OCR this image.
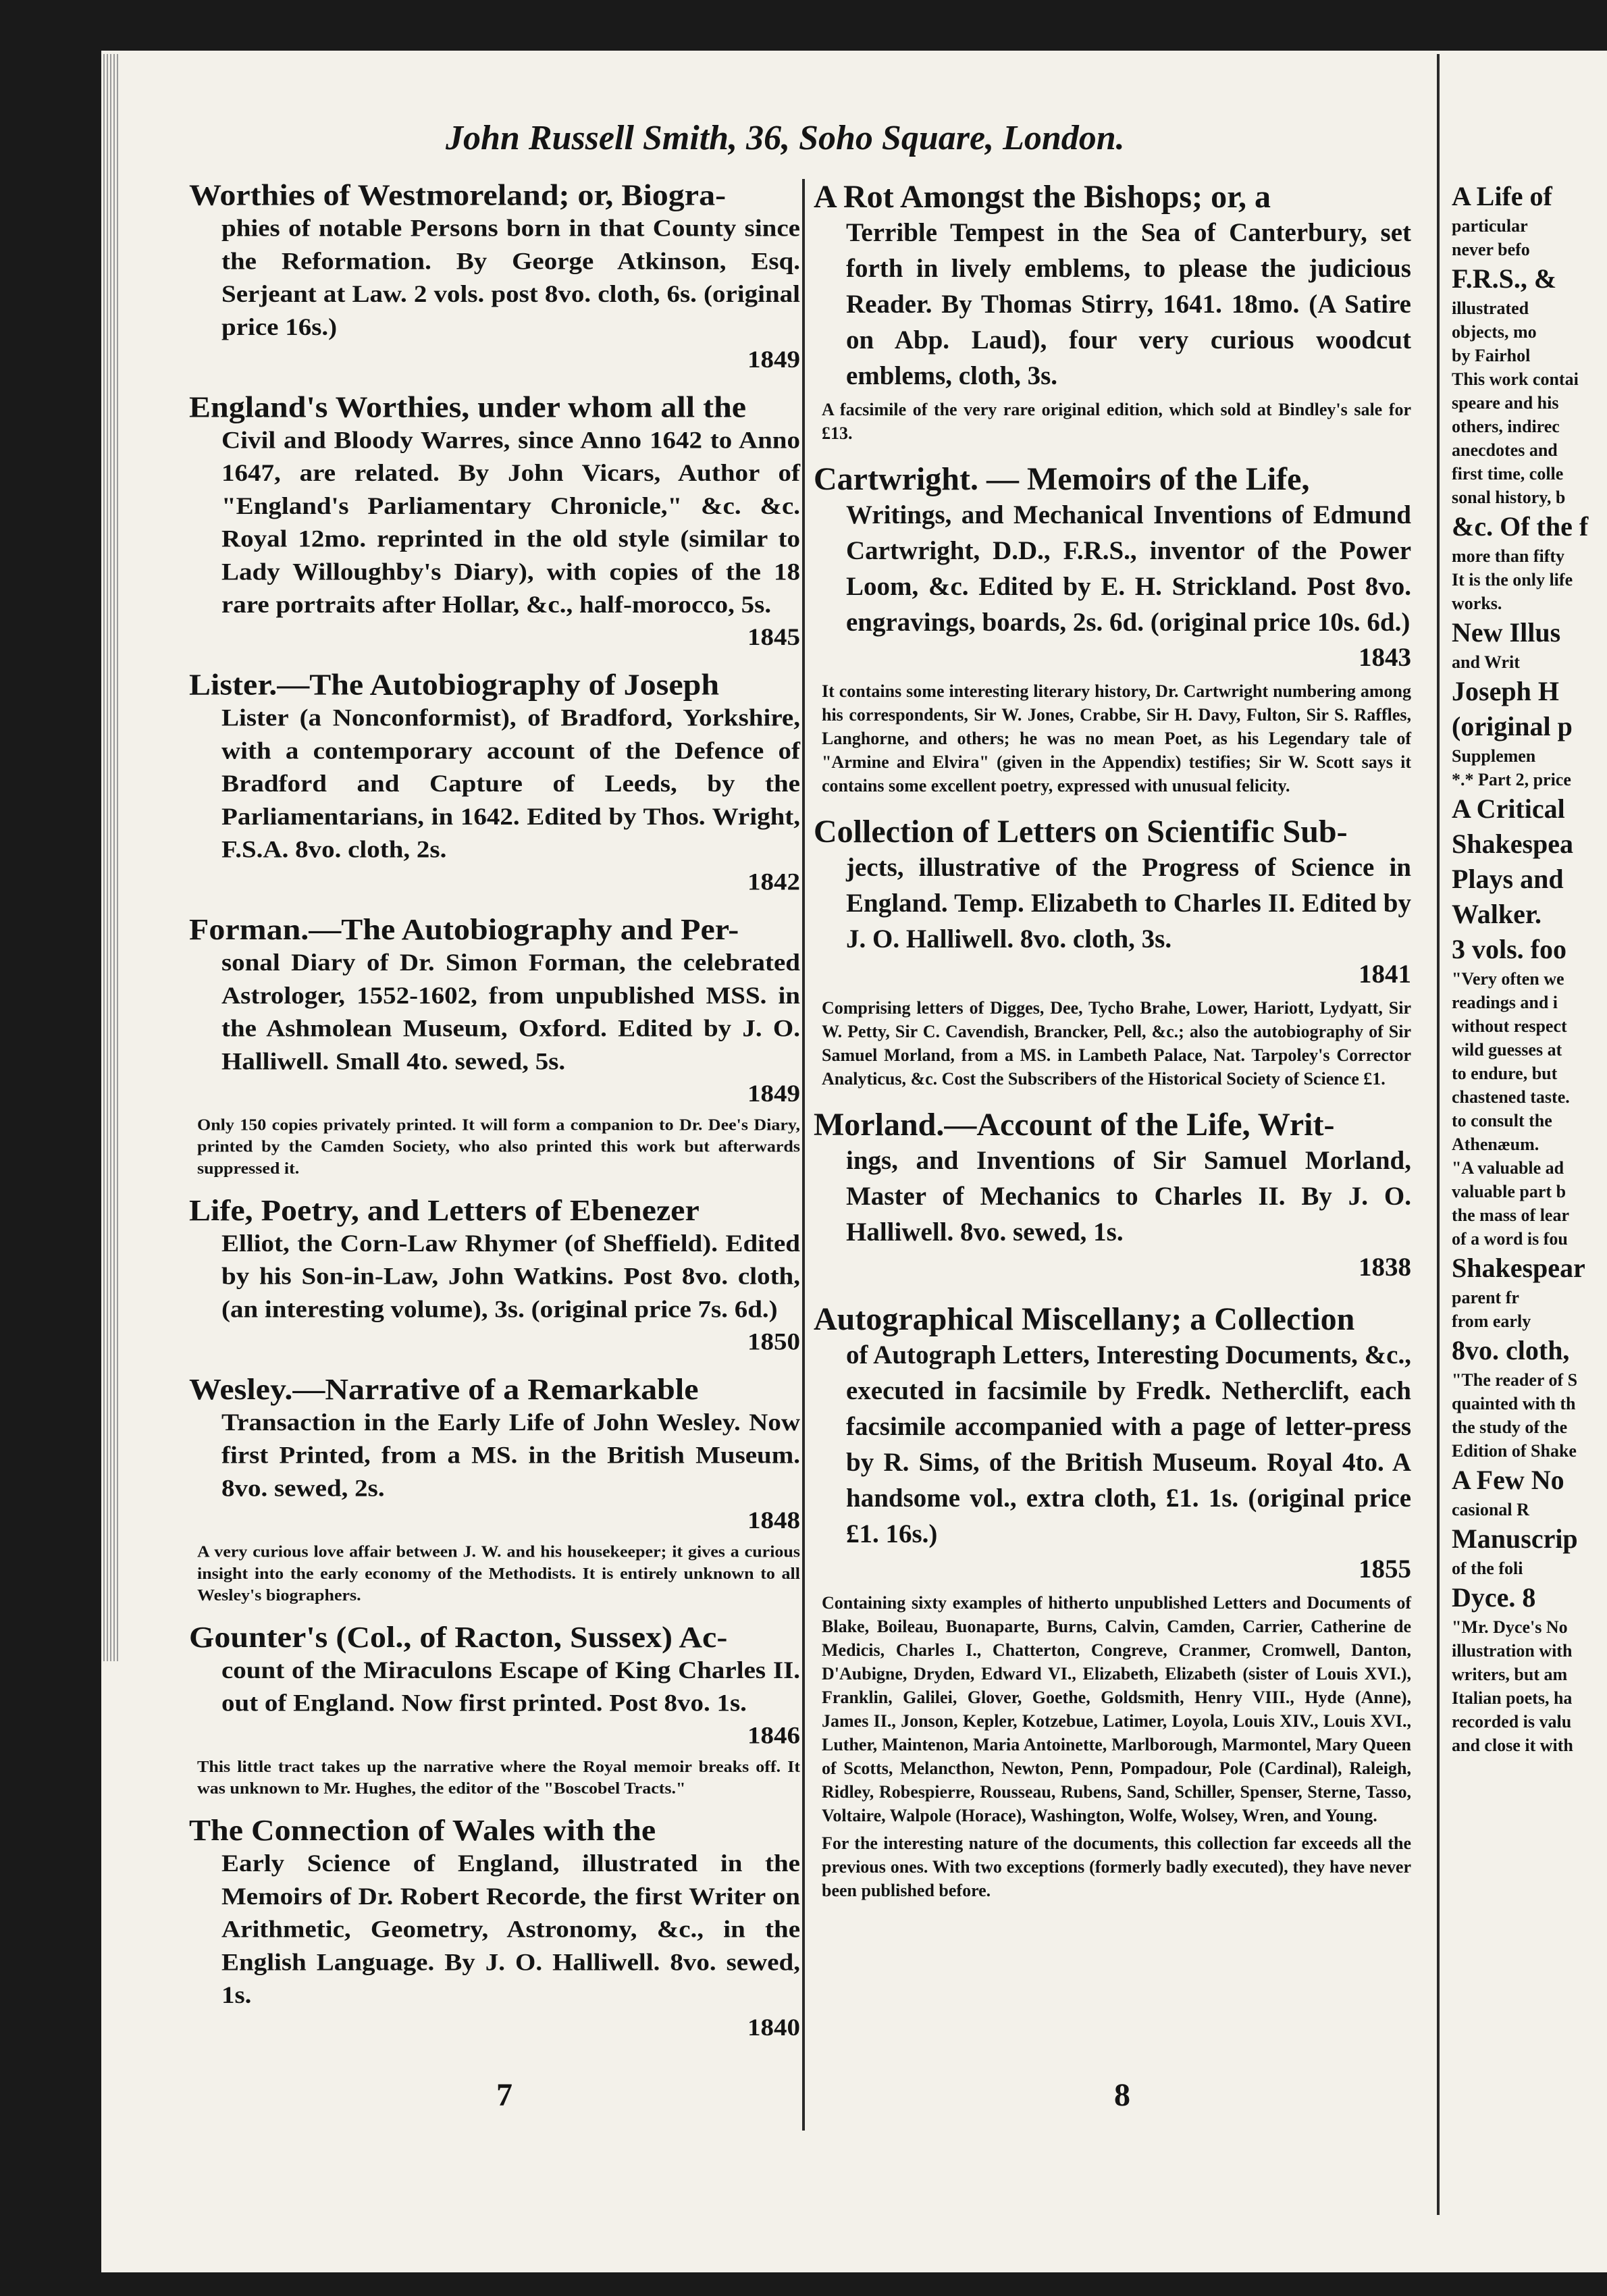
John Russell Smith, 36, Soho Square, London.
Worthies of Westmoreland; or, Biogra-
phies of notable Persons born in that County since the Reformation. By George Atkinson, Esq. Serjeant at Law. 2 vols. post 8vo. cloth, 6s. (original price 16s.)
1849
England's Worthies, under whom all the
Civil and Bloody Warres, since Anno 1642 to Anno 1647, are related. By John Vicars, Author of "England's Parliamentary Chronicle," &c. &c. Royal 12mo. reprinted in the old style (similar to Lady Willoughby's Diary), with copies of the 18 rare portraits after Hollar, &c., half-morocco, 5s.
1845
Lister.—The Autobiography of Joseph
Lister (a Nonconformist), of Bradford, Yorkshire, with a contemporary account of the Defence of Bradford and Capture of Leeds, by the Parliamentarians, in 1642. Edited by Thos. Wright, F.S.A. 8vo. cloth, 2s.
1842
Forman.—The Autobiography and Per-
sonal Diary of Dr. Simon Forman, the celebrated Astrologer, 1552-1602, from unpublished MSS. in the Ashmolean Museum, Oxford. Edited by J. O. Halliwell. Small 4to. sewed, 5s.
1849
Only 150 copies privately printed. It will form a companion to Dr. Dee's Diary, printed by the Camden Society, who also printed this work but afterwards suppressed it.
Life, Poetry, and Letters of Ebenezer
Elliot, the Corn-Law Rhymer (of Sheffield). Edited by his Son-in-Law, John Watkins. Post 8vo. cloth, (an interesting volume), 3s. (original price 7s. 6d.)
1850
Wesley.—Narrative of a Remarkable
Transaction in the Early Life of John Wesley. Now first Printed, from a MS. in the British Museum. 8vo. sewed, 2s.
1848
A very curious love affair between J. W. and his housekeeper; it gives a curious insight into the early economy of the Methodists. It is entirely unknown to all Wesley's biographers.
Gounter's (Col., of Racton, Sussex) Ac-
count of the Miraculons Escape of King Charles II. out of England. Now first printed. Post 8vo. 1s.
1846
This little tract takes up the narrative where the Royal memoir breaks off. It was unknown to Mr. Hughes, the editor of the "Boscobel Tracts."
The Connection of Wales with the
Early Science of England, illustrated in the Memoirs of Dr. Robert Recorde, the first Writer on Arithmetic, Geometry, Astronomy, &c., in the English Language. By J. O. Halliwell. 8vo. sewed, 1s.
1840
A Rot Amongst the Bishops; or, a
Terrible Tempest in the Sea of Canterbury, set forth in lively emblems, to please the judicious Reader. By Thomas Stirry, 1641. 18mo. (A Satire on Abp. Laud), four very curious woodcut emblems, cloth, 3s.
A facsimile of the very rare original edition, which sold at Bindley's sale for £13.
Cartwright. — Memoirs of the Life,
Writings, and Mechanical Inventions of Edmund Cartwright, D.D., F.R.S., inventor of the Power Loom, &c. Edited by E. H. Strickland. Post 8vo. engravings, boards, 2s. 6d. (original price 10s. 6d.)
1843
It contains some interesting literary history, Dr. Cartwright numbering among his correspondents, Sir W. Jones, Crabbe, Sir H. Davy, Fulton, Sir S. Raffles, Langhorne, and others; he was no mean Poet, as his Legendary tale of "Armine and Elvira" (given in the Appendix) testifies; Sir W. Scott says it contains some excellent poetry, expressed with unusual felicity.
Collection of Letters on Scientific Sub-
jects, illustrative of the Progress of Science in England. Temp. Elizabeth to Charles II. Edited by J. O. Halliwell. 8vo. cloth, 3s.
1841
Comprising letters of Digges, Dee, Tycho Brahe, Lower, Hariott, Lydyatt, Sir W. Petty, Sir C. Cavendish, Brancker, Pell, &c.; also the autobiography of Sir Samuel Morland, from a MS. in Lambeth Palace, Nat. Tarpoley's Corrector Analyticus, &c. Cost the Subscribers of the Historical Society of Science £1.
Morland.—Account of the Life, Writ-
ings, and Inventions of Sir Samuel Morland, Master of Mechanics to Charles II. By J. O. Halliwell. 8vo. sewed, 1s.
1838
Autographical Miscellany; a Collection
of Autograph Letters, Interesting Documents, &c., executed in facsimile by Fredk. Netherclift, each facsimile accompanied with a page of letter-press by R. Sims, of the British Museum. Royal 4to. A handsome vol., extra cloth, £1. 1s. (original price £1. 16s.)
1855
Containing sixty examples of hitherto unpublished Letters and Documents of Blake, Boileau, Buonaparte, Burns, Calvin, Camden, Carrier, Catherine de Medicis, Charles I., Chatterton, Congreve, Cranmer, Cromwell, Danton, D'Aubigne, Dryden, Edward VI., Elizabeth, Elizabeth (sister of Louis XVI.), Franklin, Galilei, Glover, Goethe, Goldsmith, Henry VIII., Hyde (Anne), James II., Jonson, Kepler, Kotzebue, Latimer, Loyola, Louis XIV., Louis XVI., Luther, Maintenon, Maria Antoinette, Marlborough, Marmontel, Mary Queen of Scotts, Melancthon, Newton, Penn, Pompadour, Pole (Cardinal), Raleigh, Ridley, Robespierre, Rousseau, Rubens, Sand, Schiller, Spenser, Sterne, Tasso, Voltaire, Walpole (Horace), Washington, Wolfe, Wolsey, Wren, and Young.
For the interesting nature of the documents, this collection far exceeds all the previous ones. With two exceptions (formerly badly executed), they have never been published before.
A Life of
particular
never befo
F.R.S., &
illustrated
objects, mo
by Fairhol
This work contai
speare and his
others, indirec
anecdotes and
first time, colle
sonal history, b
&c. Of the f
more than fifty
It is the only life
works.
New Illus
and Writ
Joseph H
(original p
Supplemen
*.* Part 2, price
A Critical
Shakespea
Plays and
Walker.
3 vols. foo
"Very often we
readings and i
without respect
wild guesses at
to endure, but
chastened taste.
to consult the
Athenæum.
"A valuable ad
valuable part b
the mass of lear
of a word is fou
Shakespear
parent fr
from early
8vo. cloth,
"The reader of S
quainted with th
the study of the
Edition of Shake
A Few No
casional R
Manuscrip
of the foli
Dyce. 8
"Mr. Dyce's No
illustration with
writers, but am
Italian poets, ha
recorded is valu
and close it with
7	8
